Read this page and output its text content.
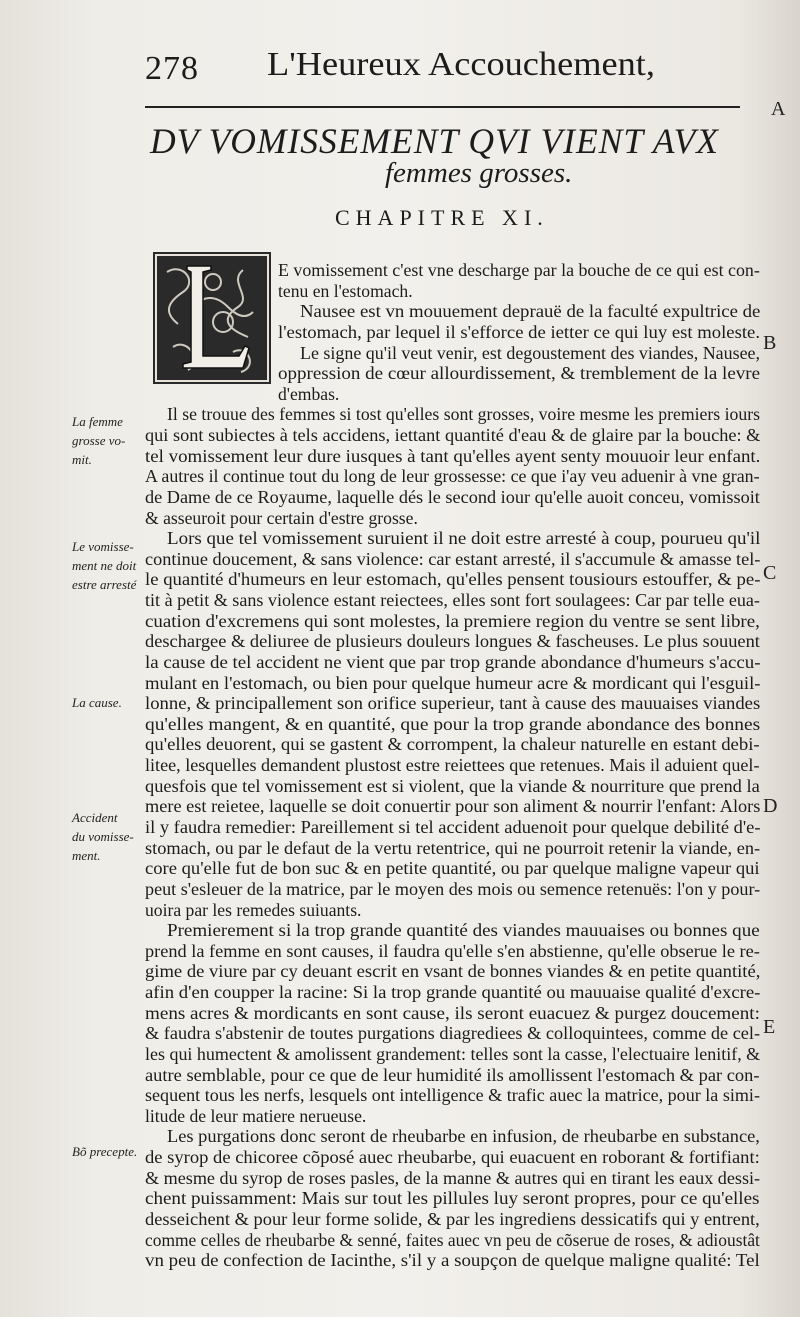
278 L'Heureux Accouchement,
A
B
C
D
E
DV VOMISSEMENT QVI VIENT AVX
femmes grosses.
CHAPITRE XI.
E vomissement c'est vne descharge par la bouche de ce qui est con-
tenu en l'estomach.
Nausee est vn mouuement deprauë de la faculté expultrice de
l'estomach, par lequel il s'efforce de ietter ce qui luy est moleste.
Le signe qu'il veut venir, est degoustement des viandes, Nausee,
oppression de cœur allourdissement, & tremblement de la levre
d'embas.
Il se trouue des femmes si tost qu'elles sont grosses, voire mesme les premiers iours
qui sont subiectes à tels accidens, iettant quantité d'eau & de glaire par la bouche: &
tel vomissement leur dure iusques à tant qu'elles ayent senty mouuoir leur enfant.
A autres il continue tout du long de leur grossesse: ce que i'ay veu aduenir à vne gran-
de Dame de ce Royaume, laquelle dés le second iour qu'elle auoit conceu, vomissoit
& asseuroit pour certain d'estre grosse.
Lors que tel vomissement suruient il ne doit estre arresté à coup, pourueu qu'il
continue doucement, & sans violence: car estant arresté, il s'accumule & amasse tel-
le quantité d'humeurs en leur estomach, qu'elles pensent tousiours estouffer, & pe-
tit à petit & sans violence estant reiectees, elles sont fort soulagees: Car par telle eua-
cuation d'excremens qui sont molestes, la premiere region du ventre se sent libre,
deschargee & deliuree de plusieurs douleurs longues & fascheuses. Le plus souuent
la cause de tel accident ne vient que par trop grande abondance d'humeurs s'accu-
mulant en l'estomach, ou bien pour quelque humeur acre & mordicant qui l'esguil-
lonne, & principallement son orifice superieur, tant à cause des mauuaises viandes
qu'elles mangent, & en quantité, que pour la trop grande abondance des bonnes
qu'elles deuorent, qui se gastent & corrompent, la chaleur naturelle en estant debi-
litee, lesquelles demandent plustost estre reiettees que retenues. Mais il aduient quel-
quesfois que tel vomissement est si violent, que la viande & nourriture que prend la
mere est reietee, laquelle se doit conuertir pour son aliment & nourrir l'enfant: Alors
il y faudra remedier: Pareillement si tel accident aduenoit pour quelque debilité d'e-
stomach, ou par le defaut de la vertu retentrice, qui ne pourroit retenir la viande, en-
core qu'elle fut de bon suc & en petite quantité, ou par quelque maligne vapeur qui
peut s'esleuer de la matrice, par le moyen des mois ou semence retenuës: l'on y pour-
uoira par les remedes suiuants.
Premierement si la trop grande quantité des viandes mauuaises ou bonnes que
prend la femme en sont causes, il faudra qu'elle s'en abstienne, qu'elle obserue le re-
gime de viure par cy deuant escrit en vsant de bonnes viandes & en petite quantité,
afin d'en coupper la racine: Si la trop grande quantité ou mauuaise qualité d'excre-
mens acres & mordicants en sont cause, ils seront euacuez & purgez doucement:
& faudra s'abstenir de toutes purgations diagrediees & colloquintees, comme de cel-
les qui humectent & amolissent grandement: telles sont la casse, l'electuaire lenitif, &
autre semblable, pour ce que de leur humidité ils amollissent l'estomach & par con-
sequent tous les nerfs, lesquels ont intelligence & trafic auec la matrice, pour la simi-
litude de leur matiere nerueuse.
Les purgations donc seront de rheubarbe en infusion, de rheubarbe en substance,
de syrop de chicoree cõposé auec rheubarbe, qui euacuent en roborant & fortifiant:
& mesme du syrop de roses pasles, de la manne & autres qui en tirant les eaux dessi-
chent puissamment: Mais sur tout les pillules luy seront propres, pour ce qu'elles
desseichent & pour leur forme solide, & par les ingrediens dessicatifs qui y entrent,
comme celles de rheubarbe & senné, faites auec vn peu de cõserue de roses, & adioustât
vn peu de confection de Iacinthe, s'il y a soupçon de quelque maligne qualité: Tel
La femme
grosse vo-
mit.
Le vomisse-
ment ne doit
estre arresté
La cause.
Accident
du vomisse-
ment.
Bõ precepte.
